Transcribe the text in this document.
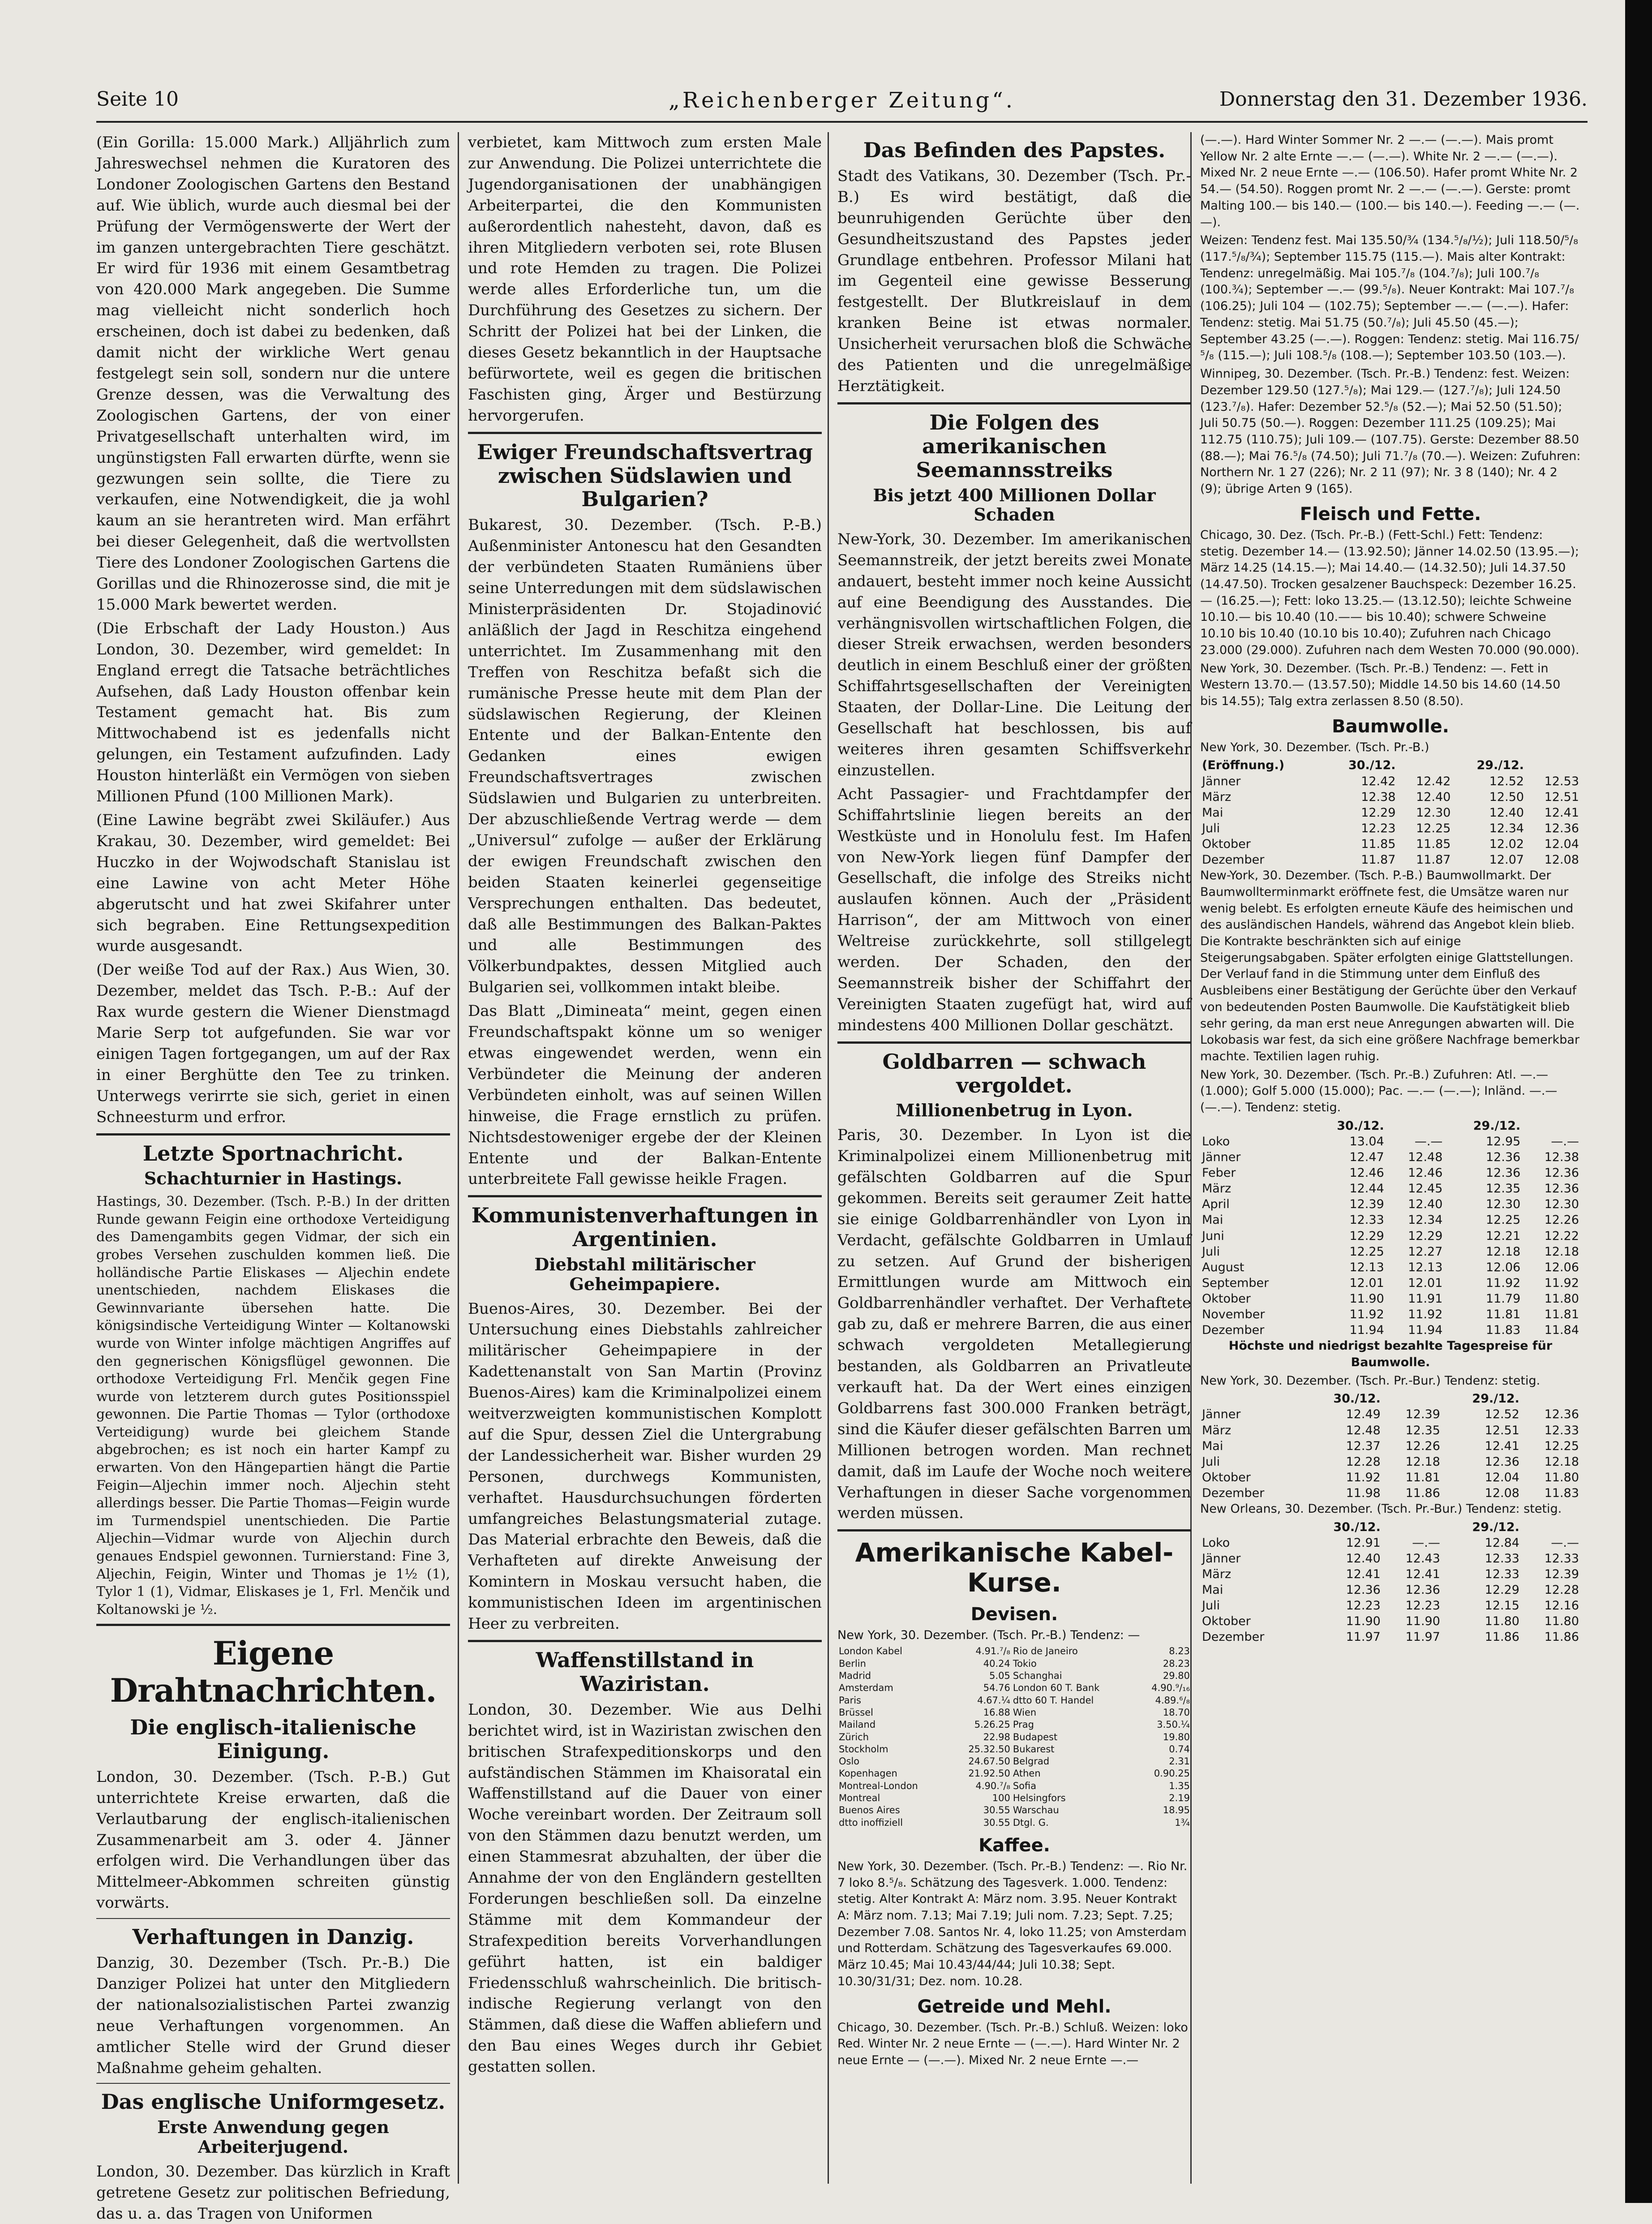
Seite 10	„Reichenberger Zeitung“.	Donnerstag den 31. Dezember 1936.

(Ein Gorilla: 15.000 Mark.) Alljährlich zum Jahreswechsel nehmen die Kuratoren des Londoner Zoologischen Gartens den Bestand auf. Wie üblich, wurde auch diesmal bei der Prüfung der Vermögenswerte der Wert der im ganzen untergebrachten Tiere geschätzt. Er wird für 1936 mit einem Gesamtbetrag von 420.000 Mark angegeben. Die Summe mag vielleicht nicht sonderlich hoch erscheinen, doch ist dabei zu bedenken, daß damit nicht der wirkliche Wert genau festgelegt sein soll, sondern nur die untere Grenze dessen, was die Verwaltung des Zoologischen Gartens, der von einer Privatgesellschaft unterhalten wird, im ungünstigsten Fall erwarten dürfte, wenn sie gezwungen sein sollte, die Tiere zu verkaufen, eine Notwendigkeit, die ja wohl kaum an sie herantreten wird. Man erfährt bei dieser Gelegenheit, daß die wertvollsten Tiere des Londoner Zoologischen Gartens die Gorillas und die Rhinozerosse sind, die mit je 15.000 Mark bewertet werden.

(Die Erbschaft der Lady Houston.) Aus London, 30. Dezember, wird gemeldet: In England erregt die Tatsache beträchtliches Aufsehen, daß Lady Houston offenbar kein Testament gemacht hat. Bis zum Mittwochabend ist es jedenfalls nicht gelungen, ein Testament aufzufinden. Lady Houston hinterläßt ein Vermögen von sieben Millionen Pfund (100 Millionen Mark).

(Eine Lawine begräbt zwei Skiläufer.) Aus Krakau, 30. Dezember, wird gemeldet: Bei Huczko in der Wojwodschaft Stanislau ist eine Lawine von acht Meter Höhe abgerutscht und hat zwei Skifahrer unter sich begraben. Eine Rettungsexpedition wurde ausgesandt.

(Der weiße Tod auf der Rax.) Aus Wien, 30. Dezember, meldet das Tsch. P.-B.: Auf der Rax wurde gestern die Wiener Dienstmagd Marie Serp tot aufgefunden. Sie war vor einigen Tagen fortgegangen, um auf der Rax in einer Berghütte den Tee zu trinken. Unterwegs verirrte sie sich, geriet in einen Schneesturm und erfror.

Letzte Sportnachricht.
Schachturnier in Hastings.

Hastings, 30. Dezember. (Tsch. P.-B.) In der dritten Runde gewann Feigin eine orthodoxe Verteidigung des Damengambits gegen Vidmar, der sich ein grobes Versehen zuschulden kommen ließ. Die holländische Partie Eliskases — Aljechin endete unentschieden, nachdem Eliskases die Gewinnvariante übersehen hatte. Die königsindische Verteidigung Winter — Koltanowski wurde von Winter infolge mächtigen Angriffes auf den gegnerischen Königsflügel gewonnen. Die orthodoxe Verteidigung Frl. Menčik gegen Fine wurde von letzterem durch gutes Positionsspiel gewonnen. Die Partie Thomas — Tylor (orthodoxe Verteidigung) wurde bei gleichem Stande abgebrochen; es ist noch ein harter Kampf zu erwarten. Von den Hängepartien hängt die Partie Feigin—Aljechin immer noch. Aljechin steht allerdings besser. Die Partie Thomas—Feigin wurde im Turmendspiel unentschieden. Die Partie Aljechin—Vidmar wurde von Aljechin durch genaues Endspiel gewonnen. Turnierstand: Fine 3, Aljechin, Feigin, Winter und Thomas je 1½ (1), Tylor 1 (1), Vidmar, Eliskases je 1, Frl. Menčik und Koltanowski je ½.

Eigene Drahtnachrichten.
Die englisch-italienische Einigung.

London, 30. Dezember. (Tsch. P.-B.) Gut unterrichtete Kreise erwarten, daß die Verlautbarung der englisch-italienischen Zusammenarbeit am 3. oder 4. Jänner erfolgen wird. Die Verhandlungen über das Mittelmeer-Abkommen schreiten günstig vorwärts.

Verhaftungen in Danzig.

Danzig, 30. Dezember (Tsch. Pr.-B.) Die Danziger Polizei hat unter den Mitgliedern der nationalsozialistischen Partei zwanzig neue Verhaftungen vorgenommen. An amtlicher Stelle wird der Grund dieser Maßnahme geheim gehalten.

Das englische Uniformgesetz.
Erste Anwendung gegen Arbeiterjugend.

London, 30. Dezember. Das kürzlich in Kraft getretene Gesetz zur politischen Befriedung, das u. a. das Tragen von Uniformen

verbietet, kam Mittwoch zum ersten Male zur Anwendung. Die Polizei unterrichtete die Jugendorganisationen der unabhängigen Arbeiterpartei, die den Kommunisten außerordentlich nahesteht, davon, daß es ihren Mitgliedern verboten sei, rote Blusen und rote Hemden zu tragen. Die Polizei werde alles Erforderliche tun, um die Durchführung des Gesetzes zu sichern. Der Schritt der Polizei hat bei der Linken, die dieses Gesetz bekanntlich in der Hauptsache befürwortete, weil es gegen die britischen Faschisten ging, Ärger und Bestürzung hervorgerufen.

Ewiger Freundschaftsvertrag zwischen Südslawien und Bulgarien?

Bukarest, 30. Dezember. (Tsch. P.-B.) Außenminister Antonescu hat den Gesandten der verbündeten Staaten Rumäniens über seine Unterredungen mit dem südslawischen Ministerpräsidenten Dr. Stojadinović anläßlich der Jagd in Reschitza eingehend unterrichtet. Im Zusammenhang mit den Treffen von Reschitza befaßt sich die rumänische Presse heute mit dem Plan der südslawischen Regierung, der Kleinen Entente und der Balkan-Entente den Gedanken eines ewigen Freundschaftsvertrages zwischen Südslawien und Bulgarien zu unterbreiten. Der abzuschließende Vertrag werde — dem „Universul“ zufolge — außer der Erklärung der ewigen Freundschaft zwischen den beiden Staaten keinerlei gegenseitige Versprechungen enthalten. Das bedeutet, daß alle Bestimmungen des Balkan-Paktes und alle Bestimmungen des Völkerbundpaktes, dessen Mitglied auch Bulgarien sei, vollkommen intakt bleibe.

Das Blatt „Dimineata“ meint, gegen einen Freundschaftspakt könne um so weniger etwas eingewendet werden, wenn ein Verbündeter die Meinung der anderen Verbündeten einholt, was auf seinen Willen hinweise, die Frage ernstlich zu prüfen. Nichtsdestoweniger ergebe der der Kleinen Entente und der Balkan-Entente unterbreitete Fall gewisse heikle Fragen.

Kommunistenverhaftungen in Argentinien.
Diebstahl militärischer Geheimpapiere.

Buenos-Aires, 30. Dezember. Bei der Untersuchung eines Diebstahls zahlreicher militärischer Geheimpapiere in der Kadettenanstalt von San Martin (Provinz Buenos-Aires) kam die Kriminalpolizei einem weitverzweigten kommunistischen Komplott auf die Spur, dessen Ziel die Untergrabung der Landessicherheit war. Bisher wurden 29 Personen, durchwegs Kommunisten, verhaftet. Hausdurchsuchungen förderten umfangreiches Belastungsmaterial zutage. Das Material erbrachte den Beweis, daß die Verhafteten auf direkte Anweisung der Komintern in Moskau versucht haben, die kommunistischen Ideen im argentinischen Heer zu verbreiten.

Waffenstillstand in Waziristan.

London, 30. Dezember. Wie aus Delhi berichtet wird, ist in Waziristan zwischen den britischen Strafexpeditionskorps und den aufständischen Stämmen im Khaisoratal ein Waffenstillstand auf die Dauer von einer Woche vereinbart worden. Der Zeitraum soll von den Stämmen dazu benutzt werden, um einen Stammesrat abzuhalten, der über die Annahme der von den Engländern gestellten Forderungen beschließen soll. Da einzelne Stämme mit dem Kommandeur der Strafexpedition bereits Vorverhandlungen geführt hatten, ist ein baldiger Friedensschluß wahrscheinlich. Die britisch-indische Regierung verlangt von den Stämmen, daß diese die Waffen abliefern und den Bau eines Weges durch ihr Gebiet gestatten sollen.

Das Befinden des Papstes.

Stadt des Vatikans, 30. Dezember (Tsch. Pr.-B.) Es wird bestätigt, daß die beunruhigenden Gerüchte über den Gesundheitszustand des Papstes jeder Grundlage entbehren. Professor Milani hat im Gegenteil eine gewisse Besserung festgestellt. Der Blutkreislauf in dem kranken Beine ist etwas normaler. Unsicherheit verursachen bloß die Schwäche des Patienten und die unregelmäßige Herztätigkeit.

Die Folgen des amerikanischen Seemannsstreiks
Bis jetzt 400 Millionen Dollar Schaden

New-York, 30. Dezember. Im amerikanischen Seemannstreik, der jetzt bereits zwei Monate andauert, besteht immer noch keine Aussicht auf eine Beendigung des Ausstandes. Die verhängnisvollen wirtschaftlichen Folgen, die dieser Streik erwachsen, werden besonders deutlich in einem Beschluß einer der größten Schiffahrtsgesellschaften der Vereinigten Staaten, der Dollar-Line. Die Leitung der Gesellschaft hat beschlossen, bis auf weiteres ihren gesamten Schiffsverkehr einzustellen.

Acht Passagier- und Frachtdampfer der Schiffahrtslinie liegen bereits an der Westküste und in Honolulu fest. Im Hafen von New-York liegen fünf Dampfer der Gesellschaft, die infolge des Streiks nicht auslaufen können. Auch der „Präsident Harrison“, der am Mittwoch von einer Weltreise zurückkehrte, soll stillgelegt werden. Der Schaden, den der Seemannstreik bisher der Schiffahrt der Vereinigten Staaten zugefügt hat, wird auf mindestens 400 Millionen Dollar geschätzt.

Goldbarren — schwach vergoldet.
Millionenbetrug in Lyon.

Paris, 30. Dezember. In Lyon ist die Kriminalpolizei einem Millionenbetrug mit gefälschten Goldbarren auf die Spur gekommen. Bereits seit geraumer Zeit hatte sie einige Goldbarrenhändler von Lyon in Verdacht, gefälschte Goldbarren in Umlauf zu setzen. Auf Grund der bisherigen Ermittlungen wurde am Mittwoch ein Goldbarrenhändler verhaftet. Der Verhaftete gab zu, daß er mehrere Barren, die aus einer schwach vergoldeten Metallegierung bestanden, als Goldbarren an Privatleute verkauft hat. Da der Wert eines einzigen Goldbarrens fast 300.000 Franken beträgt, sind die Käufer dieser gefälschten Barren um Millionen betrogen worden. Man rechnet damit, daß im Laufe der Woche noch weitere Verhaftungen in dieser Sache vorgenommen werden müssen.

Amerikanische Kabel-Kurse.
Devisen.
New York, 30. Dezember. (Tsch. Pr.-B.) Tendenz: —
London Kabel	4.91.⁷/₈	Rio de Janeiro	8.23
Berlin	40.24	Tokio	28.23
Madrid	5.05	Schanghai	29.80
Amsterdam	54.76	London 60 T. Bank	4.90.⁹/₁₆
Paris	4.67.¼	dtto 60 T. Handel	4.89.⁶/₈
Brüssel	16.88	Wien	18.70
Mailand	5.26.25	Prag	3.50.¼
Zürich	22.98	Budapest	19.80
Stockholm	25.32.50	Bukarest	0.74
Oslo	24.67.50	Belgrad	2.31
Kopenhagen	21.92.50	Athen	0.90.25
Montreal-London	4.90.⁷/₈	Sofia	1.35
Montreal	100	Helsingfors	2.19
Buenos Aires	30.55	Warschau	18.95
dtto inoffiziell	30.55	Dtgl. G.	1¾
Kaffee.
New York, 30. Dezember. (Tsch. Pr.-B.) Tendenz: —. Rio Nr. 7 loko 8.⁵/₈. Schätzung des Tagesverk. 1.000. Tendenz: stetig. Alter Kontrakt A: März nom. 3.95. Neuer Kontrakt A: März nom. 7.13; Mai 7.19; Juli nom. 7.23; Sept. 7.25; Dezember 7.08. Santos Nr. 4, loko 11.25; von Amsterdam und Rotterdam. Schätzung des Tagesverkaufes 69.000. März 10.45; Mai 10.43/44/44; Juli 10.38; Sept. 10.30/31/31; Dez. nom. 10.28.
Getreide und Mehl.
Chicago, 30. Dezember. (Tsch. Pr.-B.) Schluß. Weizen: loko Red. Winter Nr. 2 neue Ernte — (—.—). Hard Winter Nr. 2 neue Ernte — (—.—). Mixed Nr. 2 neue Ernte —.—
(—.—). Hard Winter Sommer Nr. 2 —.— (—.—). Mais promt Yellow Nr. 2 alte Ernte —.— (—.—). White Nr. 2 —.— (—.—). Mixed Nr. 2 neue Ernte —.— (106.50). Hafer promt White Nr. 2 54.— (54.50). Roggen promt Nr. 2 —.— (—.—). Gerste: promt Malting 100.— bis 140.— (100.— bis 140.—). Feeding —.— (—.—).
Weizen: Tendenz fest. Mai 135.50/¾ (134.⁵/₈/½); Juli 118.50/⁵/₈ (117.⁵/₈/¾); September 115.75 (115.—). Mais alter Kontrakt: Tendenz: unregelmäßig. Mai 105.⁷/₈ (104.⁷/₈); Juli 100.⁷/₈ (100.¾); September —.— (99.⁵/₈). Neuer Kontrakt: Mai 107.⁷/₈ (106.25); Juli 104 — (102.75); September —.— (—.—). Hafer: Tendenz: stetig. Mai 51.75 (50.⁷/₈); Juli 45.50 (45.—); September 43.25 (—.—). Roggen: Tendenz: stetig. Mai 116.75/⁵/₈ (115.—); Juli 108.⁵/₈ (108.—); September 103.50 (103.—).
Winnipeg, 30. Dezember. (Tsch. Pr.-B.) Tendenz: fest. Weizen: Dezember 129.50 (127.⁵/₈); Mai 129.— (127.⁷/₈); Juli 124.50 (123.⁷/₈). Hafer: Dezember 52.⁵/₈ (52.—); Mai 52.50 (51.50); Juli 50.75 (50.—). Roggen: Dezember 111.25 (109.25); Mai 112.75 (110.75); Juli 109.— (107.75). Gerste: Dezember 88.50 (88.—); Mai 76.⁵/₈ (74.50); Juli 71.⁷/₈ (70.—). Weizen: Zufuhren: Northern Nr. 1 27 (226); Nr. 2 11 (97); Nr. 3 8 (140); Nr. 4 2 (9); übrige Arten 9 (165).
Fleisch und Fette.
Chicago, 30. Dez. (Tsch. Pr.-B.) (Fett-Schl.) Fett: Tendenz: stetig. Dezember 14.— (13.92.50); Jänner 14.02.50 (13.95.—); März 14.25 (14.15.—); Mai 14.40.— (14.32.50); Juli 14.37.50 (14.47.50). Trocken gesalzener Bauchspeck: Dezember 16.25.— (16.25.—); Fett: loko 13.25.— (13.12.50); leichte Schweine 10.10.— bis 10.40 (10.—— bis 10.40); schwere Schweine 10.10 bis 10.40 (10.10 bis 10.40); Zufuhren nach Chicago 23.000 (29.000). Zufuhren nach dem Westen 70.000 (90.000).
New York, 30. Dezember. (Tsch. Pr.-B.) Tendenz: —. Fett in Western 13.70.— (13.57.50); Middle 14.50 bis 14.60 (14.50 bis 14.55); Talg extra zerlassen 8.50 (8.50).
Baumwolle.
New York, 30. Dezember. (Tsch. Pr.-B.)
(Eröffnung.)	30./12.		29./12.	
Jänner	12.42	12.42	12.52	12.53
März	12.38	12.40	12.50	12.51
Mai	12.29	12.30	12.40	12.41
Juli	12.23	12.25	12.34	12.36
Oktober	11.85	11.85	12.02	12.04
Dezember	11.87	11.87	12.07	12.08
New-York, 30. Dezember. (Tsch. P.-B.) Baumwollmarkt. Der Baumwollterminmarkt eröffnete fest, die Umsätze waren nur wenig belebt. Es erfolgten erneute Käufe des heimischen und des ausländischen Handels, während das Angebot klein blieb. Die Kontrakte beschränkten sich auf einige Steigerungsabgaben. Später erfolgten einige Glattstellungen. Der Verlauf fand in die Stimmung unter dem Einfluß des Ausbleibens einer Bestätigung der Gerüchte über den Verkauf von bedeutenden Posten Baumwolle. Die Kaufstätigkeit blieb sehr gering, da man erst neue Anregungen abwarten will. Die Lokobasis war fest, da sich eine größere Nachfrage bemerkbar machte. Textilien lagen ruhig.
New York, 30. Dezember. (Tsch. Pr.-B.) Zufuhren: Atl. —.— (1.000); Golf 5.000 (15.000); Pac. —.— (—.—); Inländ. —.— (—.—). Tendenz: stetig.
	30./12.		29./12.	
Loko	13.04	—.—	12.95	—.—
Jänner	12.47	12.48	12.36	12.38
Feber	12.46	12.46	12.36	12.36
März	12.44	12.45	12.35	12.36
April	12.39	12.40	12.30	12.30
Mai	12.33	12.34	12.25	12.26
Juni	12.29	12.29	12.21	12.22
Juli	12.25	12.27	12.18	12.18
August	12.13	12.13	12.06	12.06
September	12.01	12.01	11.92	11.92
Oktober	11.90	11.91	11.79	11.80
November	11.92	11.92	11.81	11.81
Dezember	11.94	11.94	11.83	11.84
Höchste und niedrigst bezahlte Tagespreise für Baumwolle.
New York, 30. Dezember. (Tsch. Pr.-Bur.) Tendenz: stetig.
	30./12.		29./12.	
Jänner	12.49	12.39	12.52	12.36
März	12.48	12.35	12.51	12.33
Mai	12.37	12.26	12.41	12.25
Juli	12.28	12.18	12.36	12.18
Oktober	11.92	11.81	12.04	11.80
Dezember	11.98	11.86	12.08	11.83
New Orleans, 30. Dezember. (Tsch. Pr.-Bur.) Tendenz: stetig.
	30./12.		29./12.	
Loko	12.91	—.—	12.84	—.—
Jänner	12.40	12.43	12.33	12.33
März	12.41	12.41	12.33	12.39
Mai	12.36	12.36	12.29	12.28
Juli	12.23	12.23	12.15	12.16
Oktober	11.90	11.90	11.80	11.80
Dezember	11.97	11.97	11.86	11.86
